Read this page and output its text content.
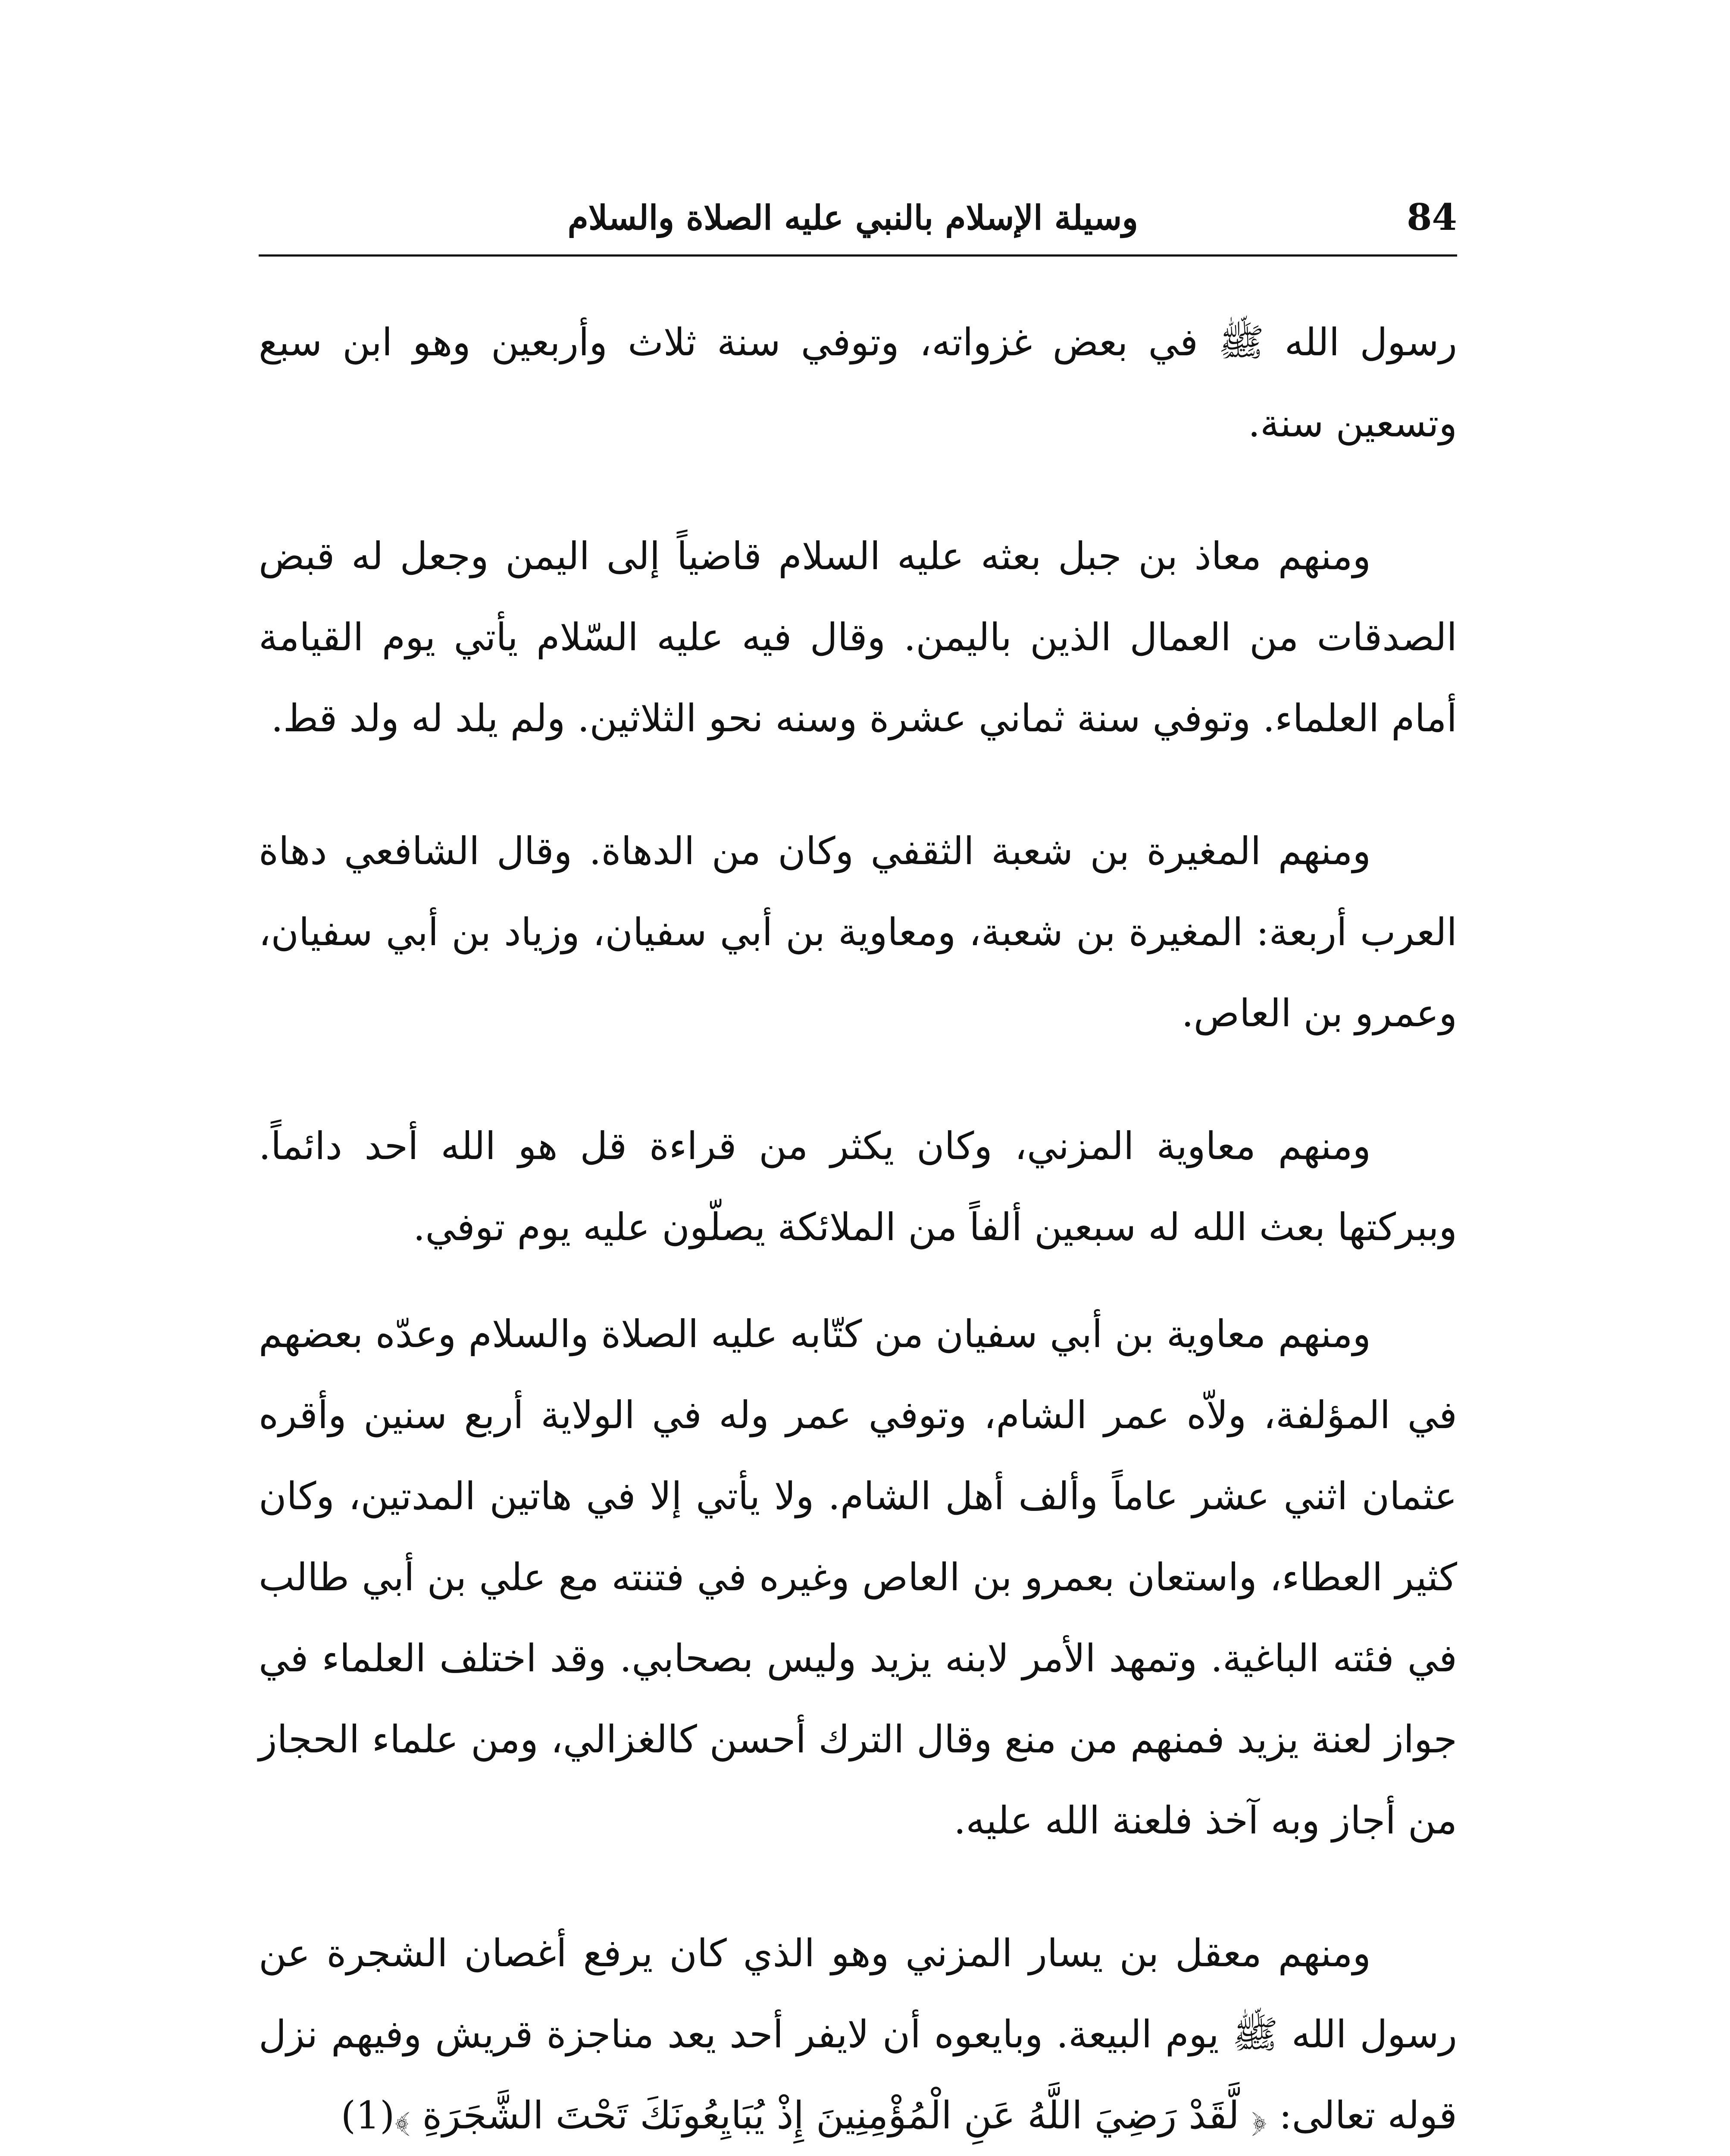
وسيلة الإسلام بالنبي عليه الصلاة والسلام	84

رسول الله ﷺ في بعض غزواته، وتوفي سنة ثلاث وأربعين وهو ابن سبع وتسعين سنة.

ومنهم معاذ بن جبل بعثه عليه السلام قاضياً إلى اليمن وجعل له قبض الصدقات من العمال الذين باليمن. وقال فيه عليه السّلام يأتي يوم القيامة أمام العلماء. وتوفي سنة ثماني عشرة وسنه نحو الثلاثين. ولم يلد له ولد قط.

ومنهم المغيرة بن شعبة الثقفي وكان من الدهاة. وقال الشافعي دهاة العرب أربعة: المغيرة بن شعبة، ومعاوية بن أبي سفيان، وزياد بن أبي سفيان، وعمرو بن العاص.

ومنهم معاوية المزني، وكان يكثر من قراءة قل هو الله أحد دائماً. وببركتها بعث الله له سبعين ألفاً من الملائكة يصلّون عليه يوم توفي.

ومنهم معاوية بن أبي سفيان من كتّابه عليه الصلاة والسلام وعدّه بعضهم في المؤلفة، ولاّه عمر الشام، وتوفي عمر وله في الولاية أربع سنين وأقره عثمان اثني عشر عاماً وألف أهل الشام. ولا يأتي إلا في هاتين المدتين، وكان كثير العطاء، واستعان بعمرو بن العاص وغيره في فتنته مع علي بن أبي طالب في فئته الباغية. وتمهد الأمر لابنه يزيد وليس بصحابي. وقد اختلف العلماء في جواز لعنة يزيد فمنهم من منع وقال الترك أحسن كالغزالي، ومن علماء الحجاز من أجاز وبه آخذ فلعنة الله عليه.

ومنهم معقل بن يسار المزني وهو الذي كان يرفع أغصان الشجرة عن رسول الله ﷺ يوم البيعة. وبايعوه أن لايفر أحد يعد مناجزة قريش وفيهم نزل قوله تعالى: ﴿ لَّقَدْ رَضِيَ اللَّهُ عَنِ الْمُؤْمِنِينَ إِذْ يُبَايِعُونَكَ تَحْتَ الشَّجَرَةِ ﴾(1)
